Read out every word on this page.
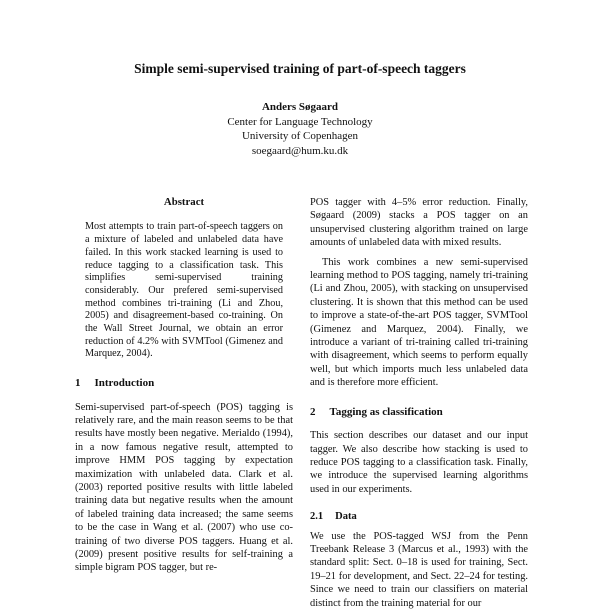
Simple semi-supervised training of part-of-speech taggers
Anders Søgaard
Center for Language Technology
University of Copenhagen
soegaard@hum.ku.dk
Abstract

Most attempts to train part-of-speech taggers on a mixture of labeled and unlabeled data have failed. In this work stacked learning is used to reduce tagging to a classification task. This simplifies semi-supervised training considerably. Our prefered semi-supervised method combines tri-training (Li and Zhou, 2005) and disagreement-based co-training. On the Wall Street Journal, we obtain an error reduction of 4.2% with SVMTool (Gimenez and Marquez, 2004).

1 Introduction

Semi-supervised part-of-speech (POS) tagging is relatively rare, and the main reason seems to be that results have mostly been negative. Merialdo (1994), in a now famous negative result, attempted to improve HMM POS tagging by expectation maximization with unlabeled data. Clark et al. (2003) reported positive results with little labeled training data but negative results when the amount of labeled training data increased; the same seems to be the case in Wang et al. (2007) who use co-training of two diverse POS taggers. Huang et al. (2009) present positive results for self-training a simple bigram POS tagger, but re-

POS tagger with 4–5% error reduction. Finally, Søgaard (2009) stacks a POS tagger on an unsupervised clustering algorithm trained on large amounts of unlabeled data with mixed results.

This work combines a new semi-supervised learning method to POS tagging, namely tri-training (Li and Zhou, 2005), with stacking on unsupervised clustering. It is shown that this method can be used to improve a state-of-the-art POS tagger, SVMTool (Gimenez and Marquez, 2004). Finally, we introduce a variant of tri-training called tri-training with disagreement, which seems to perform equally well, but which imports much less unlabeled data and is therefore more efficient.

2 Tagging as classification

This section describes our dataset and our input tagger. We also describe how stacking is used to reduce POS tagging to a classification task. Finally, we introduce the supervised learning algorithms used in our experiments.

2.1 Data

We use the POS-tagged WSJ from the Penn Treebank Release 3 (Marcus et al., 1993) with the standard split: Sect. 0–18 is used for training, Sect. 19–21 for development, and Sect. 22–24 for testing. Since we need to train our classifiers on material distinct from the training material for our
